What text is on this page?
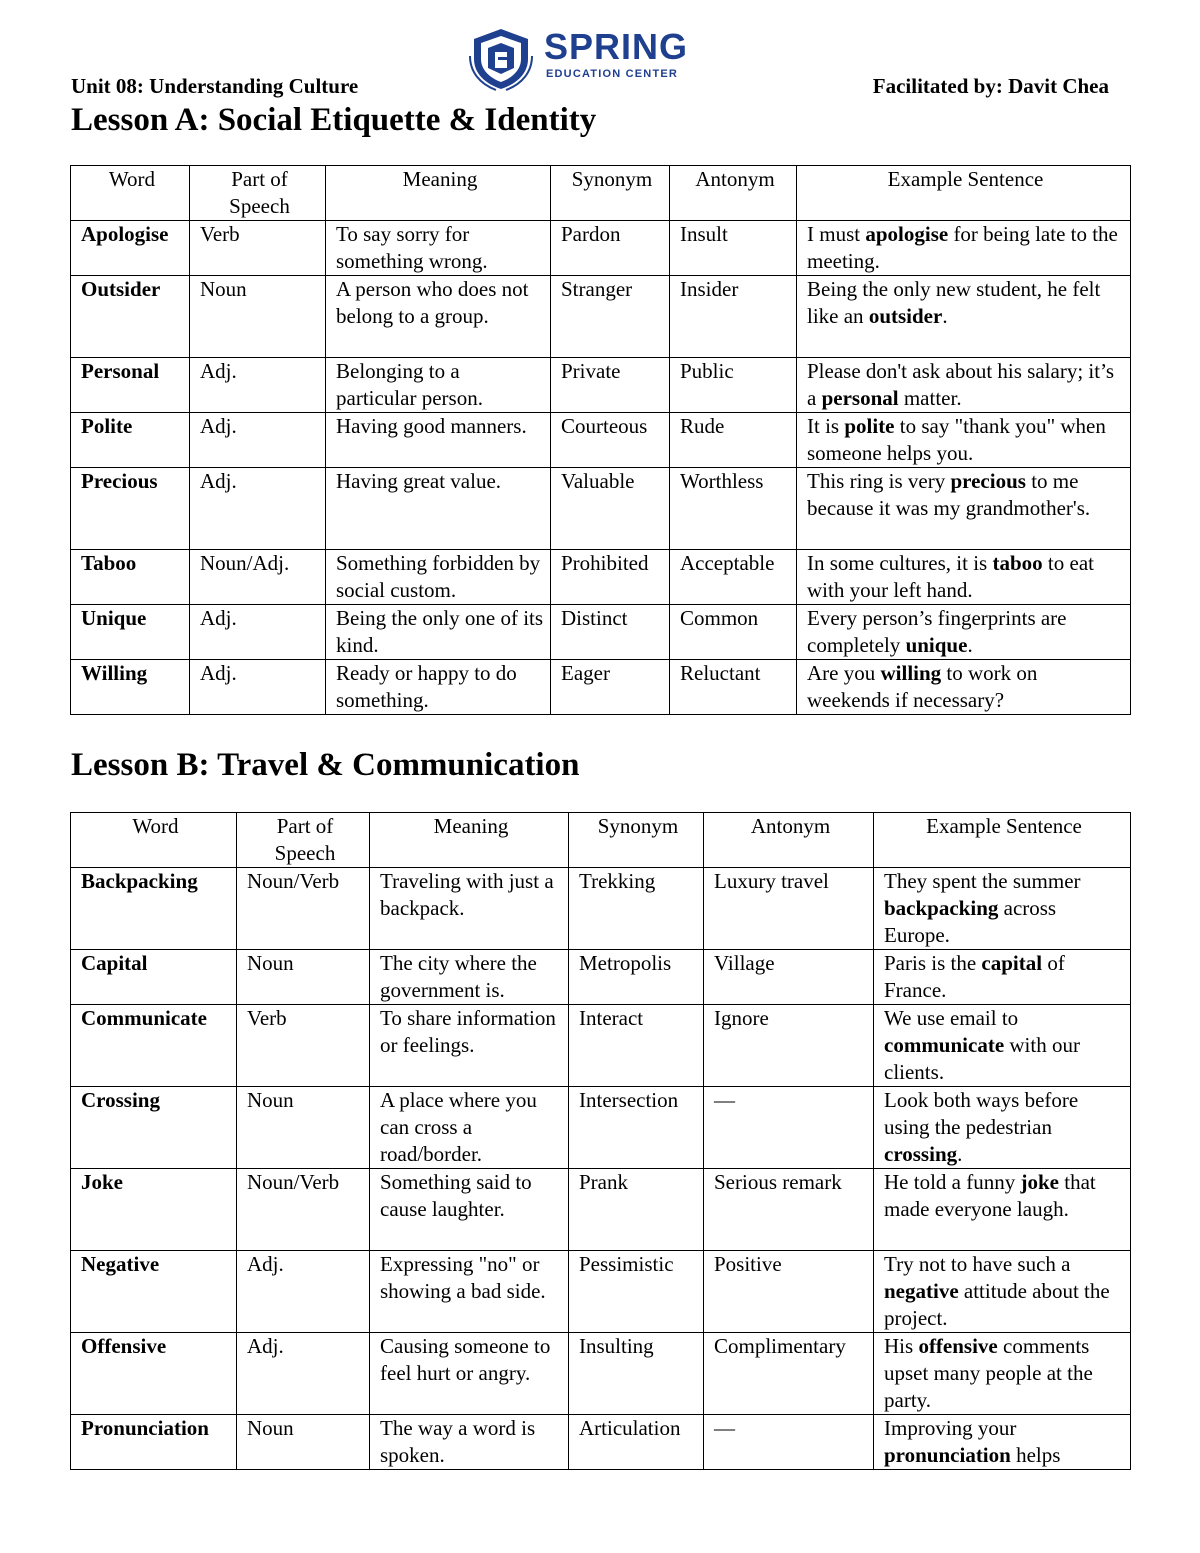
Unit 08: Understanding Culture	Facilitated by: Davit Chea
SPRING
EDUCATION CENTER
Lesson A: Social Etiquette & Identity
Word	Part of Speech	Meaning	Synonym	Antonym	Example Sentence
Apologise	Verb	To say sorry for something wrong.	Pardon	Insult	I must apologise for being late to the meeting.
Outsider	Noun	A person who does not belong to a group.	Stranger	Insider	Being the only new student, he felt like an outsider.
Personal	Adj.	Belonging to a particular person.	Private	Public	Please don't ask about his salary; it’s a personal matter.
Polite	Adj.	Having good manners.	Courteous	Rude	It is polite to say "thank you" when someone helps you.
Precious	Adj.	Having great value.	Valuable	Worthless	This ring is very precious to me because it was my grandmother's.
Taboo	Noun/Adj.	Something forbidden by social custom.	Prohibited	Acceptable	In some cultures, it is taboo to eat with your left hand.
Unique	Adj.	Being the only one of its kind.	Distinct	Common	Every person’s fingerprints are completely unique.
Willing	Adj.	Ready or happy to do something.	Eager	Reluctant	Are you willing to work on weekends if necessary?
Lesson B: Travel & Communication
Word	Part of Speech	Meaning	Synonym	Antonym	Example Sentence
Backpacking	Noun/Verb	Traveling with just a backpack.	Trekking	Luxury travel	They spent the summer backpacking across Europe.
Capital	Noun	The city where the government is.	Metropolis	Village	Paris is the capital of France.
Communicate	Verb	To share information or feelings.	Interact	Ignore	We use email to communicate with our clients.
Crossing	Noun	A place where you can cross a road/border.	Intersection	—	Look both ways before using the pedestrian crossing.
Joke	Noun/Verb	Something said to cause laughter.	Prank	Serious remark	He told a funny joke that made everyone laugh.
Negative	Adj.	Expressing "no" or showing a bad side.	Pessimistic	Positive	Try not to have such a negative attitude about the project.
Offensive	Adj.	Causing someone to feel hurt or angry.	Insulting	Complimentary	His offensive comments upset many people at the party.
Pronunciation	Noun	The way a word is spoken.	Articulation	—	Improving your pronunciation helps
